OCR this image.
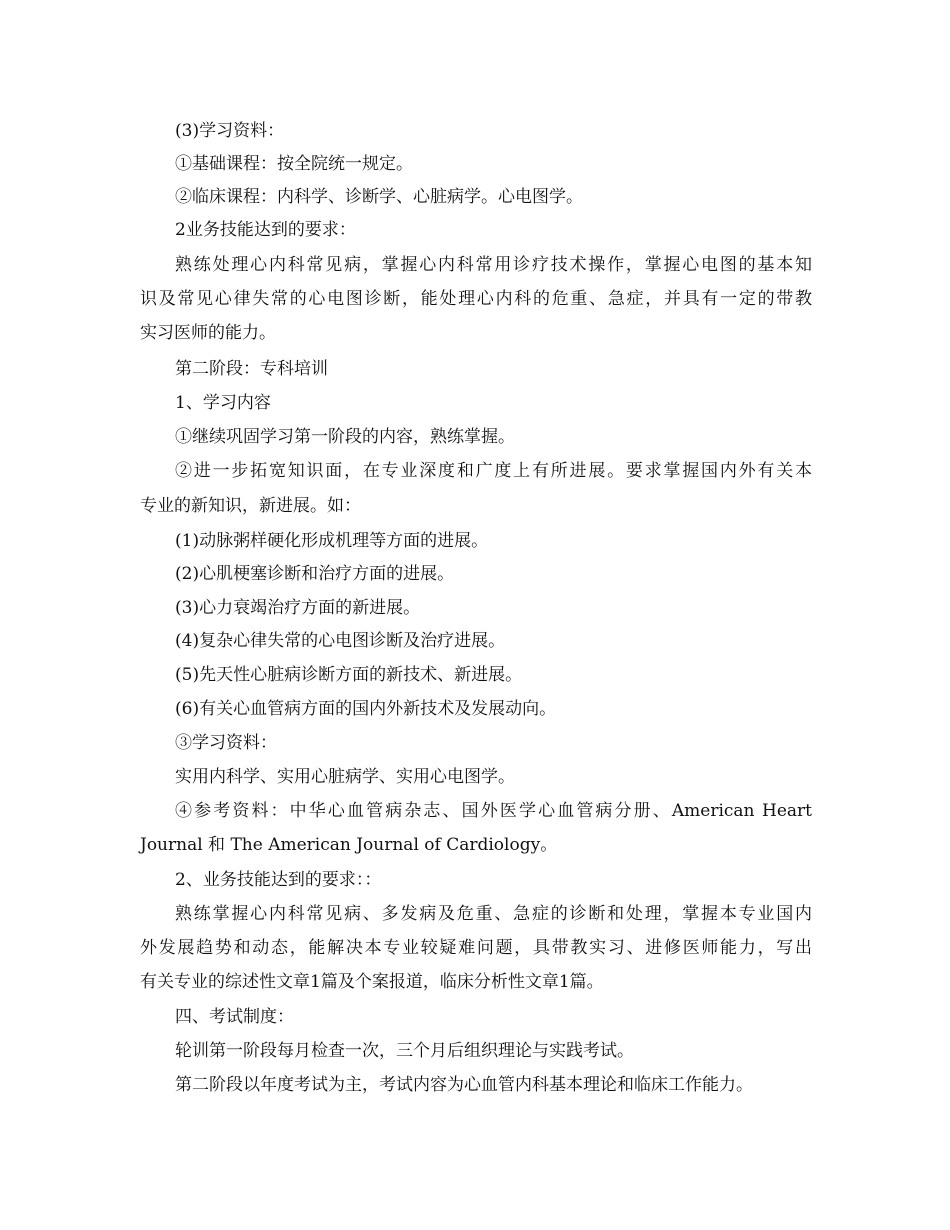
(3)学习资料：
①基础课程：按全院统一规定。
②临床课程：内科学、诊断学、心脏病学。心电图学。
2业务技能达到的要求：
熟练处理心内科常见病，掌握心内科常用诊疗技术操作，掌握心电图的基本知
识及常见心律失常的心电图诊断，能处理心内科的危重、急症，并具有一定的带教
实习医师的能力。
第二阶段：专科培训
1、学习内容
①继续巩固学习第一阶段的内容，熟练掌握。
②进一步拓宽知识面，在专业深度和广度上有所进展。要求掌握国内外有关本
专业的新知识，新进展。如：
(1)动脉粥样硬化形成机理等方面的进展。
(2)心肌梗塞诊断和治疗方面的进展。
(3)心力衰竭治疗方面的新进展。
(4)复杂心律失常的心电图诊断及治疗进展。
(5)先天性心脏病诊断方面的新技术、新进展。
(6)有关心血管病方面的国内外新技术及发展动向。
③学习资料：
实用内科学、实用心脏病学、实用心电图学。
④参考资料：中华心血管病杂志、国外医学心血管病分册、American Heart
Journal 和 The American Journal of Cardiology。
2、业务技能达到的要求：：
熟练掌握心内科常见病、多发病及危重、急症的诊断和处理，掌握本专业国内
外发展趋势和动态，能解决本专业较疑难问题，具带教实习、进修医师能力，写出
有关专业的综述性文章1篇及个案报道，临床分析性文章1篇。
四、考试制度：
轮训第一阶段每月检查一次，三个月后组织理论与实践考试。
第二阶段以年度考试为主，考试内容为心血管内科基本理论和临床工作能力。
